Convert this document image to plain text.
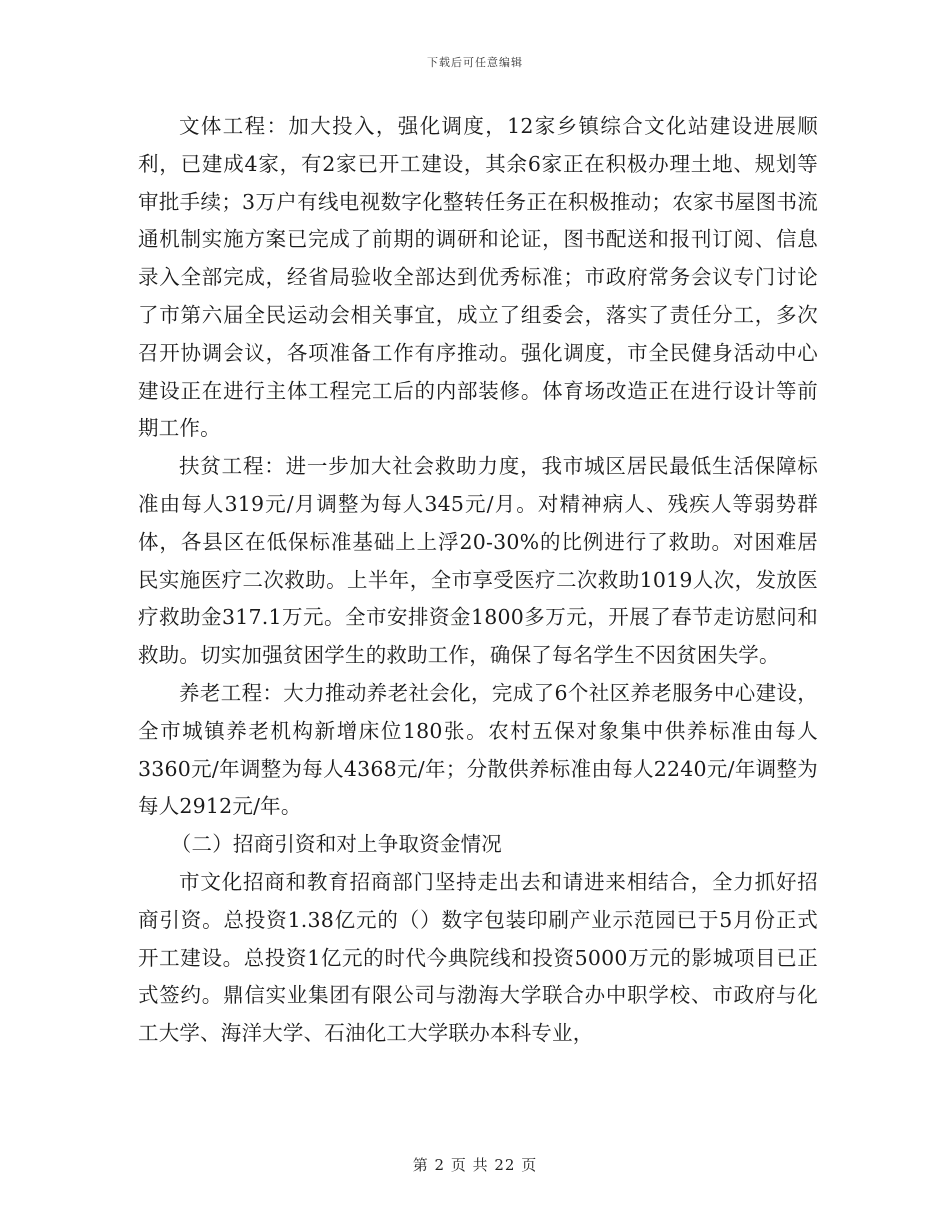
下载后可任意编辑

文体工程：加大投入，强化调度，12家乡镇综合文化站建设进展顺利，已建成4家，有2家已开工建设，其余6家正在积极办理土地、规划等审批手续；3万户有线电视数字化整转任务正在积极推动；农家书屋图书流通机制实施方案已完成了前期的调研和论证，图书配送和报刊订阅、信息录入全部完成，经省局验收全部达到优秀标准；市政府常务会议专门讨论了市第六届全民运动会相关事宜，成立了组委会，落实了责任分工，多次召开协调会议，各项准备工作有序推动。强化调度，市全民健身活动中心建设正在进行主体工程完工后的内部装修。体育场改造正在进行设计等前期工作。

扶贫工程：进一步加大社会救助力度，我市城区居民最低生活保障标准由每人319元/月调整为每人345元/月。对精神病人、残疾人等弱势群体，各县区在低保标准基础上上浮20-30%的比例进行了救助。对困难居民实施医疗二次救助。上半年，全市享受医疗二次救助1019人次，发放医疗救助金317.1万元。全市安排资金1800多万元，开展了春节走访慰问和救助。切实加强贫困学生的救助工作，确保了每名学生不因贫困失学。

养老工程：大力推动养老社会化，完成了6个社区养老服务中心建设，全市城镇养老机构新增床位180张。农村五保对象集中供养标准由每人3360元/年调整为每人4368元/年；分散供养标准由每人2240元/年调整为每人2912元/年。

（二）招商引资和对上争取资金情况

市文化招商和教育招商部门坚持走出去和请进来相结合，全力抓好招商引资。总投资1.38亿元的（）数字包装印刷产业示范园已于5月份正式开工建设。总投资1亿元的时代今典院线和投资5000万元的影城项目已正式签约。鼎信实业集团有限公司与渤海大学联合办中职学校、市政府与化工大学、海洋大学、石油化工大学联办本科专业，

第 2 页 共 22 页
